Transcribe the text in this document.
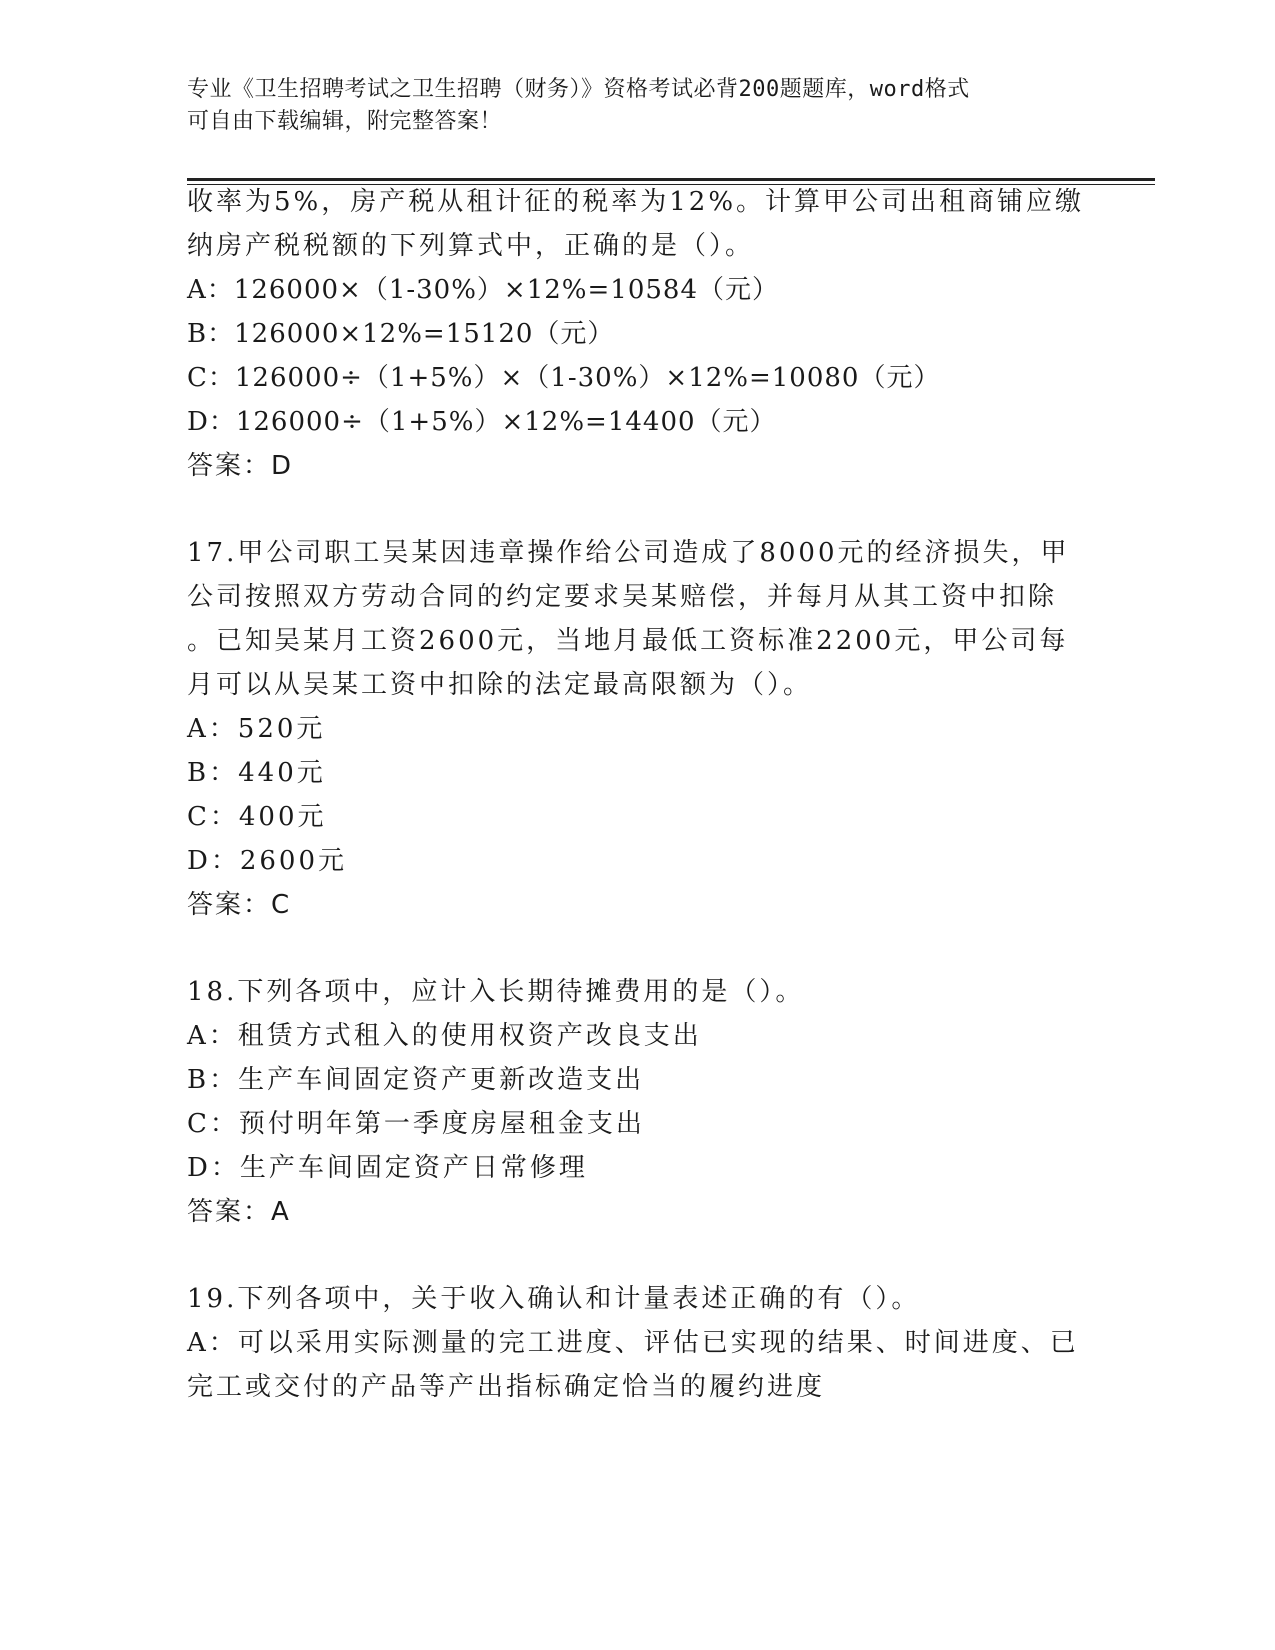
专业《卫生招聘考试之卫生招聘（财务）》资格考试必背200题题库，word格式
可自由下载编辑，附完整答案！
收率为5%，房产税从租计征的税率为12%。计算甲公司出租商铺应缴
纳房产税税额的下列算式中，正确的是（）。
A：126000×（1-30%）×12%=10584（元）
B：126000×12%=15120（元）
C：126000÷（1+5%）×（1-30%）×12%=10080（元）
D：126000÷（1+5%）×12%=14400（元）
答案：D
17.甲公司职工吴某因违章操作给公司造成了8000元的经济损失，甲
公司按照双方劳动合同的约定要求吴某赔偿，并每月从其工资中扣除
。已知吴某月工资2600元，当地月最低工资标准2200元，甲公司每
月可以从吴某工资中扣除的法定最高限额为（）。
A：520元
B：440元
C：400元
D：2600元
答案：C
18.下列各项中，应计入长期待摊费用的是（）。
A：租赁方式租入的使用权资产改良支出
B：生产车间固定资产更新改造支出
C：预付明年第一季度房屋租金支出
D：生产车间固定资产日常修理
答案：A
19.下列各项中，关于收入确认和计量表述正确的有（）。
A：可以采用实际测量的完工进度、评估已实现的结果、时间进度、已
完工或交付的产品等产出指标确定恰当的履约进度
